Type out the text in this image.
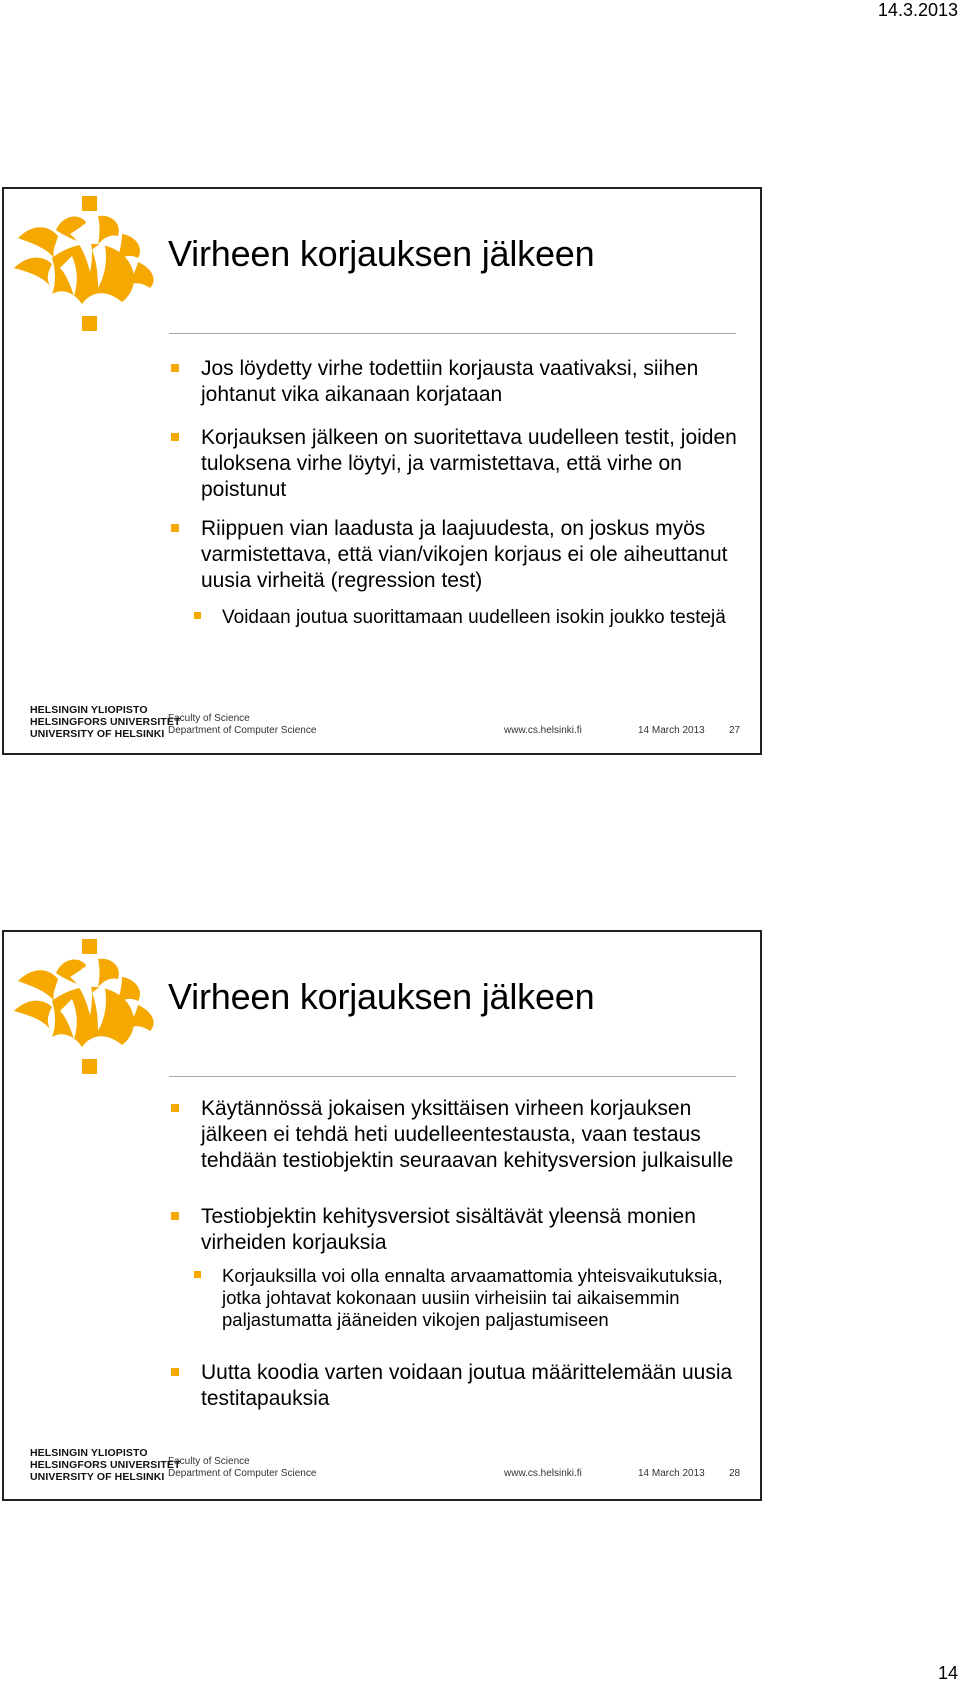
14.3.2013
Virheen korjauksen jälkeen
Jos löydetty virhe todettiin korjausta vaativaksi, siihen johtanut vika aikanaan korjataan
Korjauksen jälkeen on suoritettava uudelleen testit, joiden tuloksena virhe löytyi, ja varmistettava, että virhe on poistunut
Riippuen vian laadusta ja laajuudesta, on joskus myös varmistettava, että vian/vikojen korjaus ei ole aiheuttanut uusia virheitä (regression test)
Voidaan joutua suorittamaan uudelleen isokin joukko testejä
HELSINGIN YLIOPISTO
HELSINGFORS UNIVERSITET
UNIVERSITY OF HELSINKI
Faculty of Science
Department of Computer Science	www.cs.helsinki.fi	14 March 2013 27
Virheen korjauksen jälkeen
Käytännössä jokaisen yksittäisen virheen korjauksen jälkeen ei tehdä heti uudelleentestausta, vaan testaus tehdään testiobjektin seuraavan kehitysversion julkaisulle
Testiobjektin kehitysversiot sisältävät yleensä monien virheiden korjauksia
Korjauksilla voi olla ennalta arvaamattomia yhteisvaikutuksia, jotka johtavat kokonaan uusiin virheisiin tai aikaisemmin paljastumatta jääneiden vikojen paljastumiseen
Uutta koodia varten voidaan joutua määrittelemään uusia testitapauksia
HELSINGIN YLIOPISTO
HELSINGFORS UNIVERSITET
UNIVERSITY OF HELSINKI
Faculty of Science
Department of Computer Science	www.cs.helsinki.fi	14 March 2013 28
14
